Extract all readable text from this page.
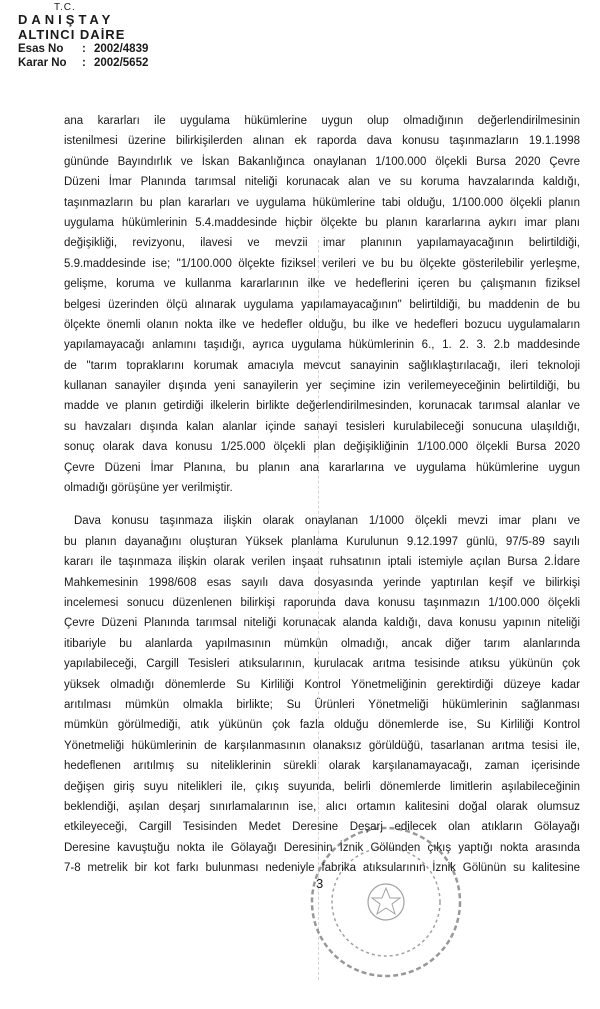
T.C.
DANIŞTAY
ALTINCI DAİRE
Esas No	: 2002/4839
Karar No	: 2002/5652
ana kararları ile uygulama hükümlerine uygun olup olmadığının değerlendirilmesinin
istenilmesi üzerine bilirkişilerden alınan ek raporda dava konusu taşınmazların 19.1.1998
gününde Bayındırlık ve İskan Bakanlığınca onaylanan 1/100.000 ölçekli Bursa 2020 Çevre
Düzeni İmar Planında tarımsal niteliği korunacak alan ve su koruma havzalarında kaldığı,
taşınmazların bu plan kararları ve uygulama hükümlerine tabi olduğu, 1/100.000 ölçekli planın
uygulama hükümlerinin 5.4.maddesinde hiçbir ölçekte bu planın kararlarına aykırı imar planı
değişikliği, revizyonu, ilavesi ve mevzii imar planının yapılamayacağının belirtildiği,
5.9.maddesinde ise; "1/100.000 ölçekte fiziksel verileri ve bu bu ölçekte gösterilebilir yerleşme,
gelişme, koruma ve kullanma kararlarının ilke ve hedeflerini içeren bu çalışmanın fiziksel
belgesi üzerinden ölçü alınarak uygulama yapılamayacağının" belirtildiği, bu maddenin de bu
ölçekte önemli olanın nokta ilke ve hedefler olduğu, bu ilke ve hedefleri bozucu uygulamaların
yapılamayacağı anlamını taşıdığı, ayrıca uygulama hükümlerinin 6., 1. 2. 3. 2.b maddesinde
de "tarım topraklarını korumak amacıyla mevcut sanayinin sağlıklaştırılacağı, ileri teknoloji
kullanan sanayiler dışında yeni sanayilerin yer seçimine izin verilemeyeceğinin belirtildiği, bu
madde ve planın getirdiği ilkelerin birlikte değerlendirilmesinden, korunacak tarımsal alanlar ve
su havzaları dışında kalan alanlar içinde sanayi tesisleri kurulabileceği sonucuna ulaşıldığı,
sonuç olarak dava konusu 1/25.000 ölçekli plan değişikliğinin 1/100.000 ölçekli Bursa 2020
Çevre Düzeni İmar Planına, bu planın ana kararlarına ve uygulama hükümlerine uygun
olmadığı görüşüne yer verilmiştir.
Dava konusu taşınmaza ilişkin olarak onaylanan 1/1000 ölçekli mevzi imar planı ve
bu planın dayanağını oluşturan Yüksek planlama Kurulunun 9.12.1997 günlü, 97/5-89 sayılı
kararı ile taşınmaza ilişkin olarak verilen inşaat ruhsatının iptali istemiyle açılan Bursa 2.İdare
Mahkemesinin 1998/608 esas sayılı dava dosyasında yerinde yaptırılan keşif ve bilirkişi
incelemesi sonucu düzenlenen bilirkişi raporunda dava konusu taşınmazın 1/100.000 ölçekli
Çevre Düzeni Planında tarımsal niteliği korunacak alanda kaldığı, dava konusu yapının niteliği
itibariyle bu alanlarda yapılmasının mümkün olmadığı, ancak diğer tarım alanlarında
yapılabileceği, Cargill Tesisleri atıksularının, kurulacak arıtma tesisinde atıksu yükünün çok
yüksek olmadığı dönemlerde Su Kirliliği Kontrol Yönetmeliğinin gerektirdiği düzeye kadar
arıtılması mümkün olmakla birlikte; Su Ürünleri Yönetmeliği hükümlerinin sağlanması
mümkün görülmediği, atık yükünün çok fazla olduğu dönemlerde ise, Su Kirliliği Kontrol
Yönetmeliği hükümlerinin de karşılanmasının olanaksız görüldüğü, tasarlanan arıtma tesisi ile,
hedeflenen arıtılmış su niteliklerinin sürekli olarak karşılanamayacağı, zaman içerisinde
değişen giriş suyu nitelikleri ile, çıkış suyunda, belirli dönemlerde limitlerin aşılabileceğinin
beklendiği, aşılan deşarj sınırlamalarının ise, alıcı ortamın kalitesini doğal olarak olumsuz
etkileyeceği, Cargill Tesisinden Medet Deresine Deşarj edilecek olan atıkların Gölayağı
Deresine kavuştuğu nokta ile Gölayağı Deresinin İznik Gölünden çıkış yaptığı nokta arasında
7-8 metrelik bir kot farkı bulunması nedeniyle fabrika atıksularının İznik Gölünün su kalitesine
3
